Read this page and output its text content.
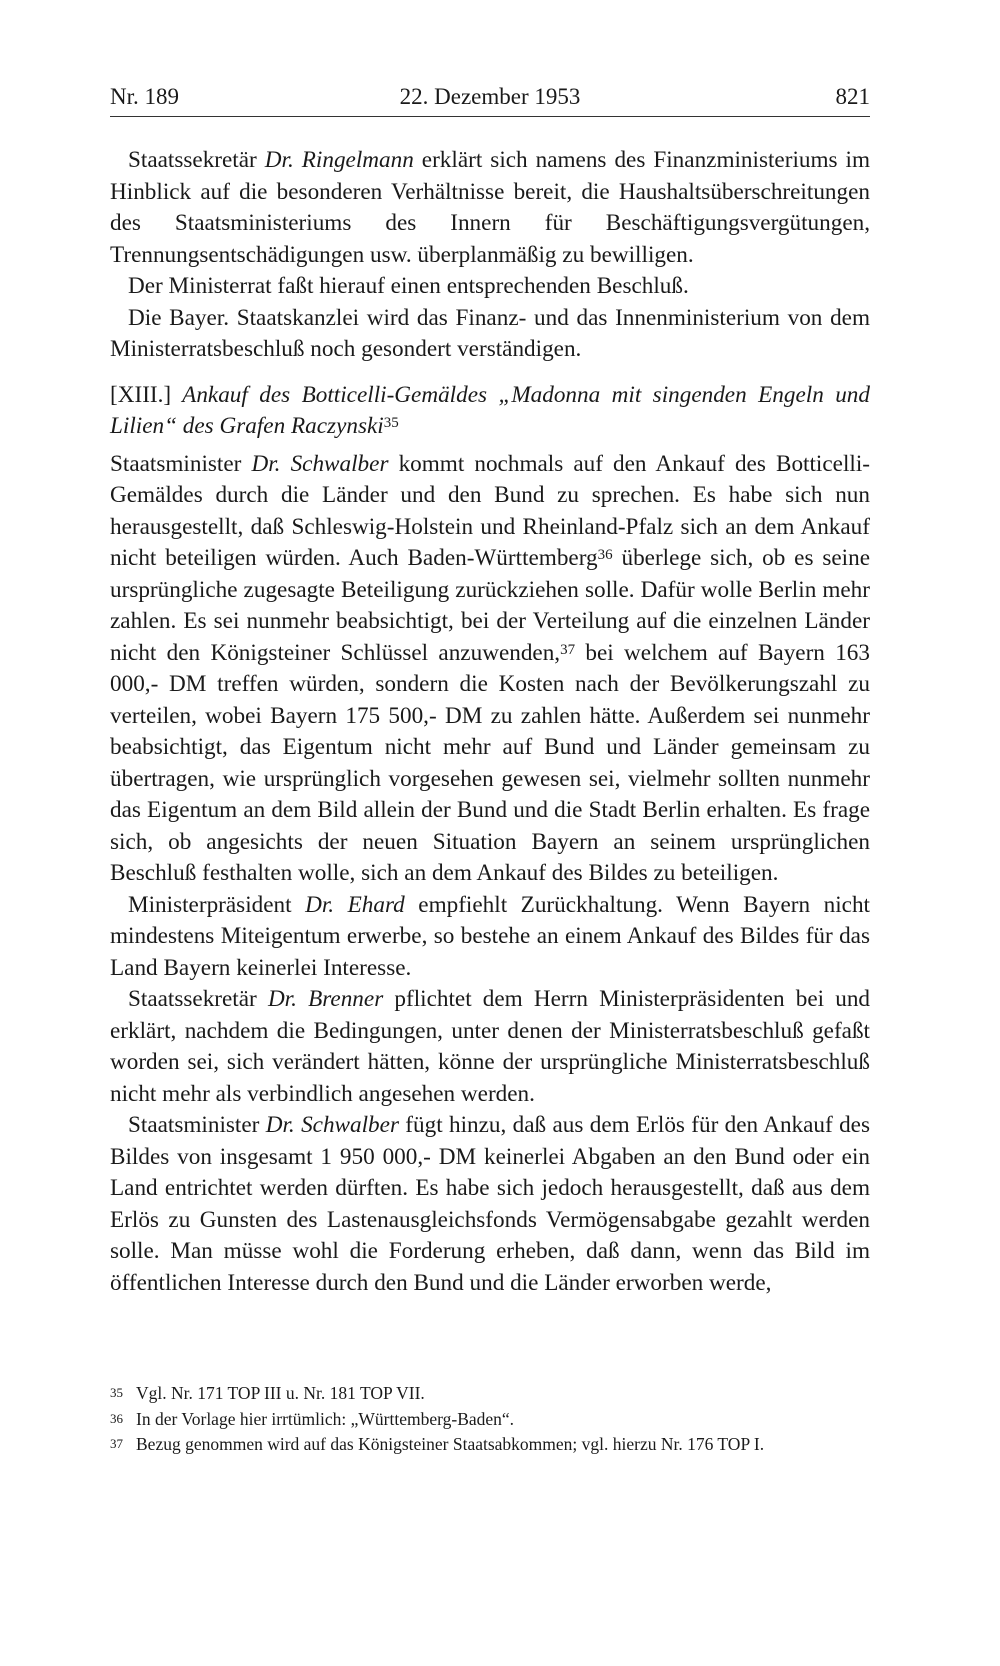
Nr. 189	22. Dezember 1953	821

Staatssekretär Dr. Ringelmann erklärt sich namens des Finanzministeriums im Hinblick auf die besonderen Verhältnisse bereit, die Haushaltsüberschreitungen des Staatsministeriums des Innern für Beschäftigungsvergütungen, Trennungsentschädigungen usw. überplanmäßig zu bewilligen.

Der Ministerrat faßt hierauf einen entsprechenden Beschluß.

Die Bayer. Staatskanzlei wird das Finanz- und das Innenministerium von dem Ministerratsbeschluß noch gesondert verständigen.

[XIII.] Ankauf des Botticelli-Gemäldes „Madonna mit singenden Engeln und Lilien“ des Grafen Raczynski$^{35}$

Staatsminister Dr. Schwalber kommt nochmals auf den Ankauf des Botticelli-Gemäldes durch die Länder und den Bund zu sprechen. Es habe sich nun herausgestellt, daß Schleswig-Holstein und Rheinland-Pfalz sich an dem Ankauf nicht beteiligen würden. Auch Baden-Württemberg$^{36}$ überlege sich, ob es seine ursprüngliche zugesagte Beteiligung zurückziehen solle. Dafür wolle Berlin mehr zahlen. Es sei nunmehr beabsichtigt, bei der Verteilung auf die einzelnen Länder nicht den Königsteiner Schlüssel anzuwenden,$^{37}$ bei welchem auf Bayern 163 000,- DM treffen würden, sondern die Kosten nach der Bevölkerungszahl zu verteilen, wobei Bayern 175 500,- DM zu zahlen hätte. Außerdem sei nunmehr beabsichtigt, das Eigentum nicht mehr auf Bund und Länder gemeinsam zu übertragen, wie ursprünglich vorgesehen gewesen sei, vielmehr sollten nunmehr das Eigentum an dem Bild allein der Bund und die Stadt Berlin erhalten. Es frage sich, ob angesichts der neuen Situation Bayern an seinem ursprünglichen Beschluß festhalten wolle, sich an dem Ankauf des Bildes zu beteiligen.

Ministerpräsident Dr. Ehard empfiehlt Zurückhaltung. Wenn Bayern nicht mindestens Miteigentum erwerbe, so bestehe an einem Ankauf des Bildes für das Land Bayern keinerlei Interesse.

Staatssekretär Dr. Brenner pflichtet dem Herrn Ministerpräsidenten bei und erklärt, nachdem die Bedingungen, unter denen der Ministerratsbeschluß gefaßt worden sei, sich verändert hätten, könne der ursprüngliche Ministerratsbeschluß nicht mehr als verbindlich angesehen werden.

Staatsminister Dr. Schwalber fügt hinzu, daß aus dem Erlös für den Ankauf des Bildes von insgesamt 1 950 000,- DM keinerlei Abgaben an den Bund oder ein Land entrichtet werden dürften. Es habe sich jedoch herausgestellt, daß aus dem Erlös zu Gunsten des Lastenausgleichsfonds Vermögensabgabe gezahlt werden solle. Man müsse wohl die Forderung erheben, daß dann, wenn das Bild im öffentlichen Interesse durch den Bund und die Länder erworben werde,

35 Vgl. Nr. 171 TOP III u. Nr. 181 TOP VII.
36 In der Vorlage hier irrtümlich: „Württemberg-Baden“.
37 Bezug genommen wird auf das Königsteiner Staatsabkommen; vgl. hierzu Nr. 176 TOP I.
